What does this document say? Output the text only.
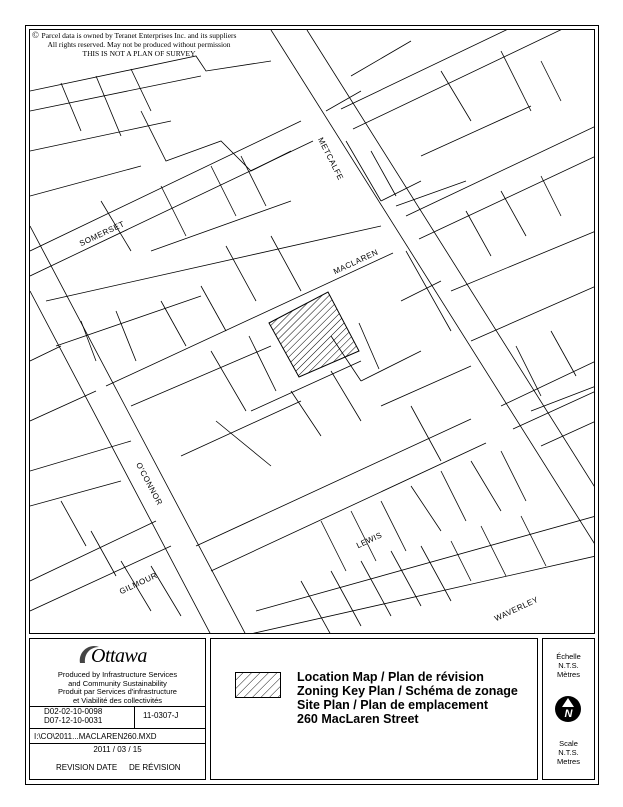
METCALFE
SOMERSET
MACLAREN
O'CONNOR
LEWIS
GILMOUR
WAVERLEY
© Parcel data is owned by Teranet Enterprises Inc. and its suppliers
All rights reserved. May not be produced without permission
THIS IS NOT A PLAN OF SURVEY
Ottawa
Produced by Infrastructure Services
and Community Sustainability
Produit par Services d'infrastructure
et Viabilité des collectivités
D02-02-10-0098
D07-12-10-0031
11-0307-J
I:\CO\2011...MACLAREN260.MXD
2011 / 03 / 15
REVISION DATE DE RÉVISION
Location Map / Plan de révision
Zoning Key Plan / Schéma de zonage
Site Plan / Plan de emplacement
260 MacLaren Street
Échelle
N.T.S.
Mètres
N
Scale
N.T.S.
Metres
